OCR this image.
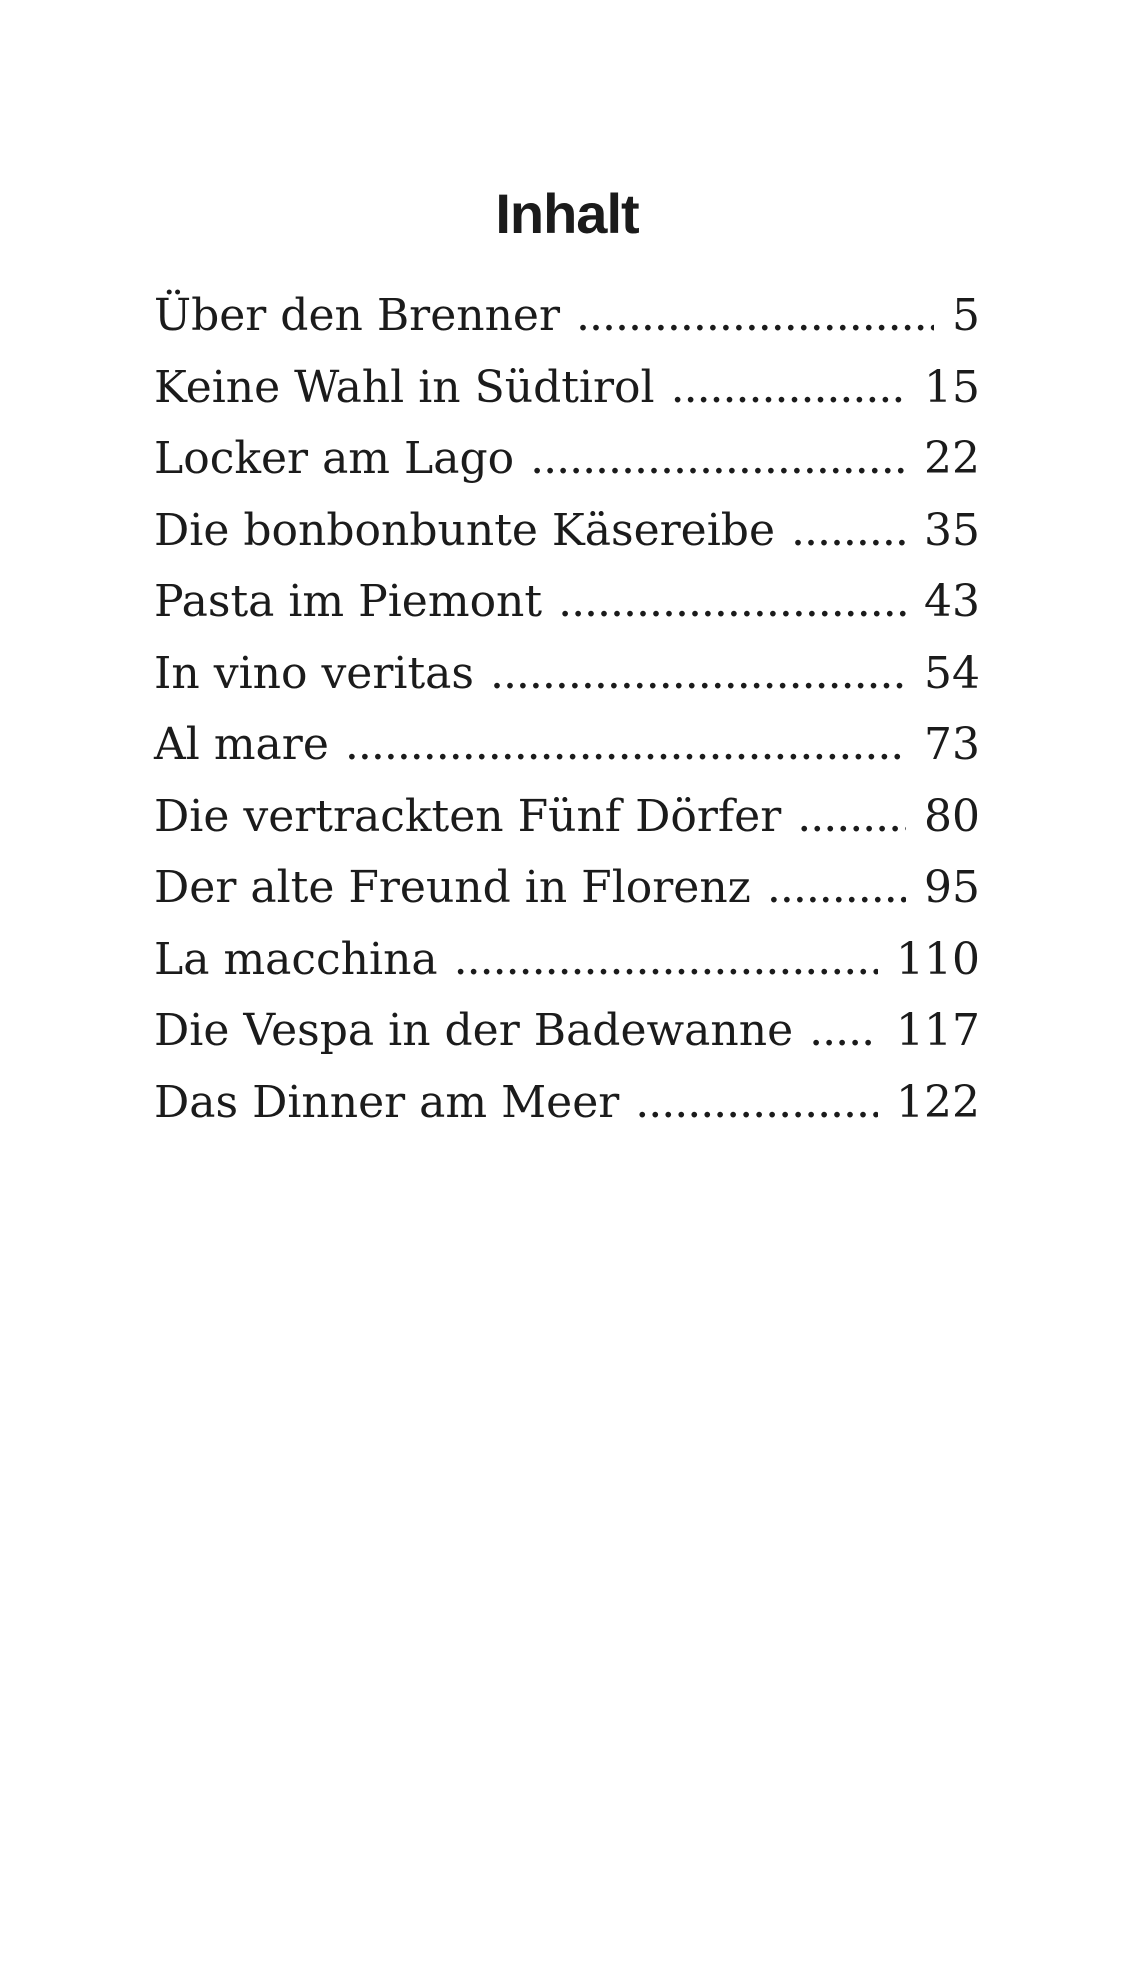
Inhalt
Über den Brenner .....	5
Keine Wahl in Südtirol .....	15
Locker am Lago .....	22
Die bonbonbunte Käsereibe .....	35
Pasta im Piemont .....	43
In vino veritas .....	54
Al mare .....	73
Die vertrackten Fünf Dörfer .....	80
Der alte Freund in Florenz .....	95
La macchina .....	110
Die Vespa in der Badewanne ..... 117
Das Dinner am Meer .....	122
